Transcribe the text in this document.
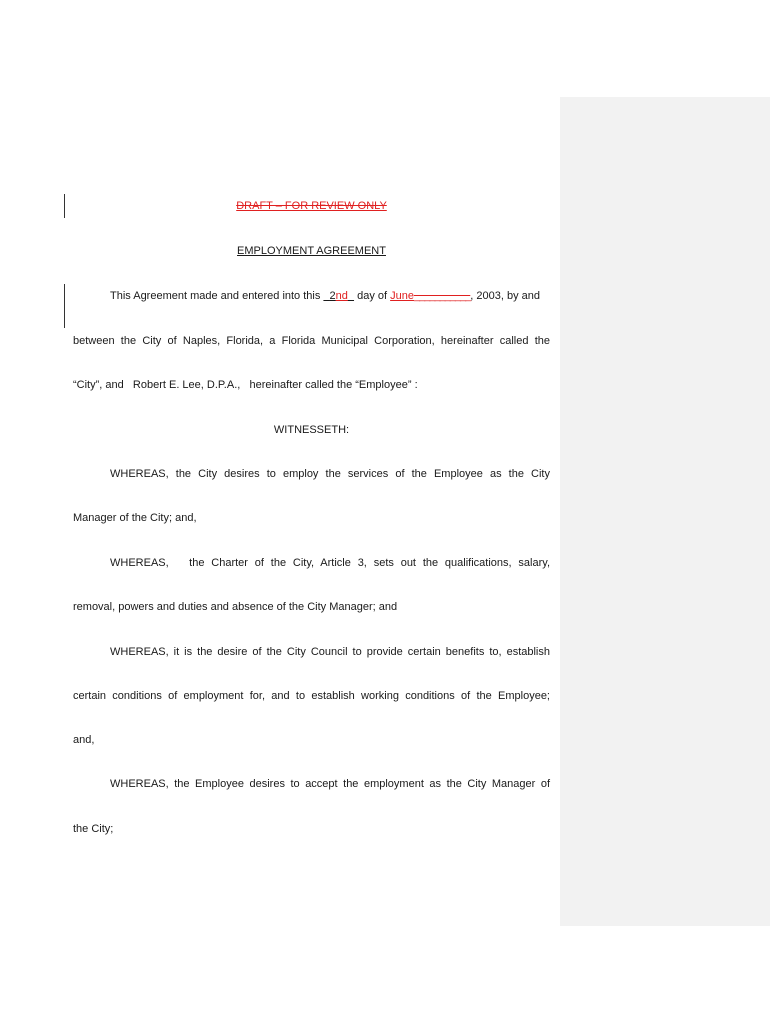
DRAFT – FOR REVIEW ONLY
EMPLOYMENT AGREEMENT
This Agreement made and entered into this   2nd   day of June___________, 2003, by and
between the City of Naples, Florida, a Florida Municipal Corporation, hereinafter called the
“City”, and   Robert E. Lee, D.P.A.,   hereinafter called the “Employee” :
WITNESSETH:
WHEREAS, the City desires to employ the services of the Employee as the City
Manager of the City; and,
WHEREAS,   the Charter of the City, Article 3, sets out the qualifications, salary,
removal, powers and duties and absence of the City Manager; and
WHEREAS, it is the desire of the City Council to provide certain benefits to, establish
certain conditions of employment for, and to establish working conditions of the Employee;
and,
WHEREAS, the Employee desires to accept the employment as the City Manager of
the City;
